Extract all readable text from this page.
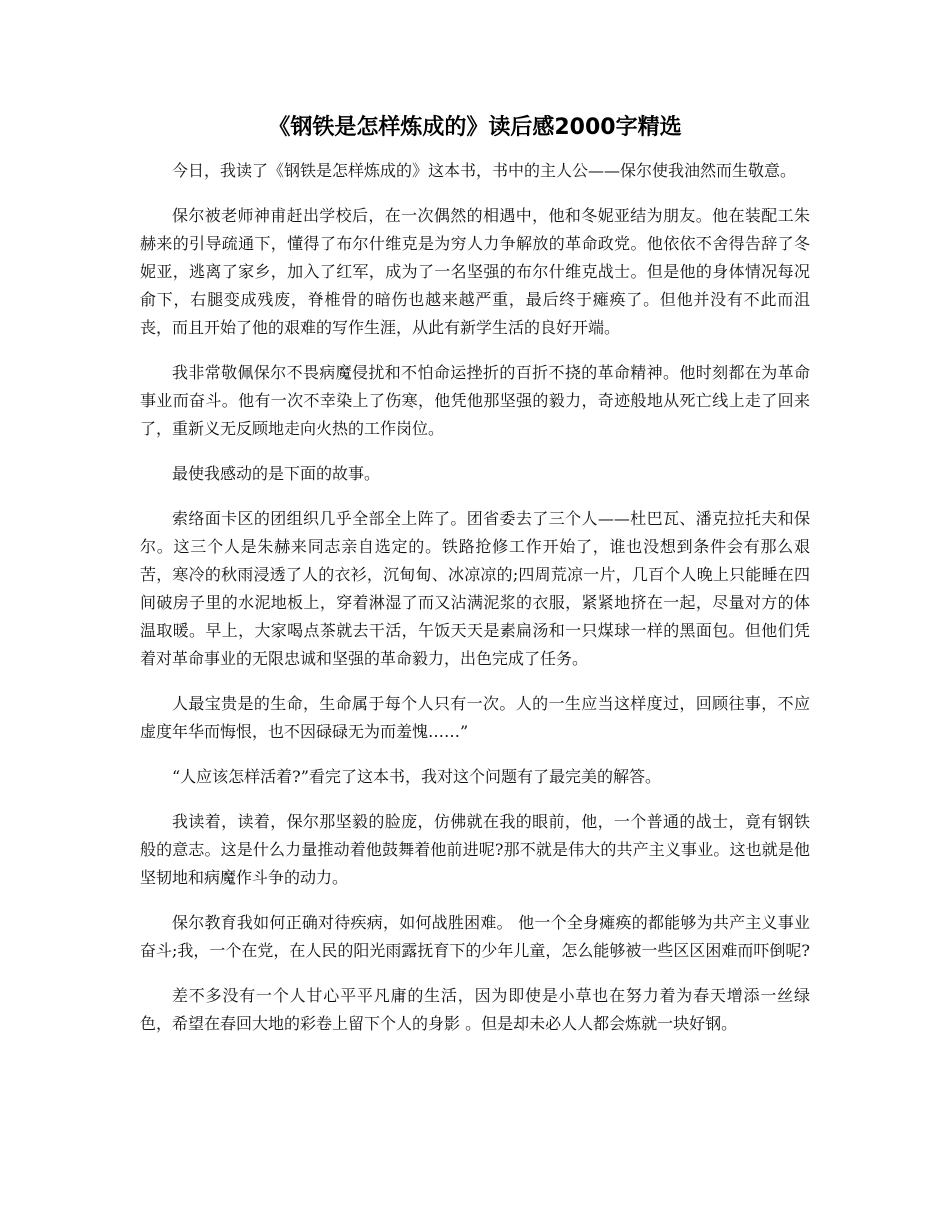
《钢铁是怎样炼成的》读后感2000字精选

今日，我读了《钢铁是怎样炼成的》这本书，书中的主人公——保尔使我油然而生敬意。

保尔被老师神甫赶出学校后，在一次偶然的相遇中，他和冬妮亚结为朋友。他在装配工朱赫来的引导疏通下，懂得了布尔什维克是为穷人力争解放的革命政党。他依依不舍得告辞了冬妮亚，逃离了家乡，加入了红军，成为了一名坚强的布尔什维克战士。但是他的身体情况每况俞下，右腿变成残废，脊椎骨的暗伤也越来越严重，最后终于瘫痪了。但他并没有不此而沮丧，而且开始了他的艰难的写作生涯，从此有新学生活的良好开端。

我非常敬佩保尔不畏病魔侵扰和不怕命运挫折的百折不挠的革命精神。他时刻都在为革命事业而奋斗。他有一次不幸染上了伤寒，他凭他那坚强的毅力，奇迹般地从死亡线上走了回来了，重新义无反顾地走向火热的工作岗位。

最使我感动的是下面的故事。

索络面卡区的团组织几乎全部全上阵了。团省委去了三个人——杜巴瓦、潘克拉托夫和保尔。这三个人是朱赫来同志亲自选定的。铁路抢修工作开始了，谁也没想到条件会有那么艰苦，寒冷的秋雨浸透了人的衣衫，沉甸甸、冰凉凉的;四周荒凉一片，几百个人晚上只能睡在四间破房子里的水泥地板上，穿着淋湿了而又沾满泥浆的衣服，紧紧地挤在一起，尽量对方的体温取暖。早上，大家喝点茶就去干活，午饭天天是素扁汤和一只煤球一样的黑面包。但他们凭着对革命事业的无限忠诚和坚强的革命毅力，出色完成了任务。

人最宝贵是的生命，生命属于每个人只有一次。人的一生应当这样度过，回顾往事，不应虚度年华而悔恨，也不因碌碌无为而羞愧……”

“人应该怎样活着?”看完了这本书，我对这个问题有了最完美的解答。

我读着，读着，保尔那坚毅的脸庞，仿佛就在我的眼前，他，一个普通的战士，竟有钢铁般的意志。这是什么力量推动着他鼓舞着他前进呢?那不就是伟大的共产主义事业。这也就是他坚韧地和病魔作斗争的动力。

保尔教育我如何正确对待疾病，如何战胜困难。 他一个全身瘫痪的都能够为共产主义事业奋斗;我，一个在党，在人民的阳光雨露抚育下的少年儿童，怎么能够被一些区区困难而吓倒呢?

差不多没有一个人甘心平平凡庸的生活，因为即使是小草也在努力着为春天增添一丝绿色，希望在春回大地的彩卷上留下个人的身影 。但是却未必人人都会炼就一块好钢。
